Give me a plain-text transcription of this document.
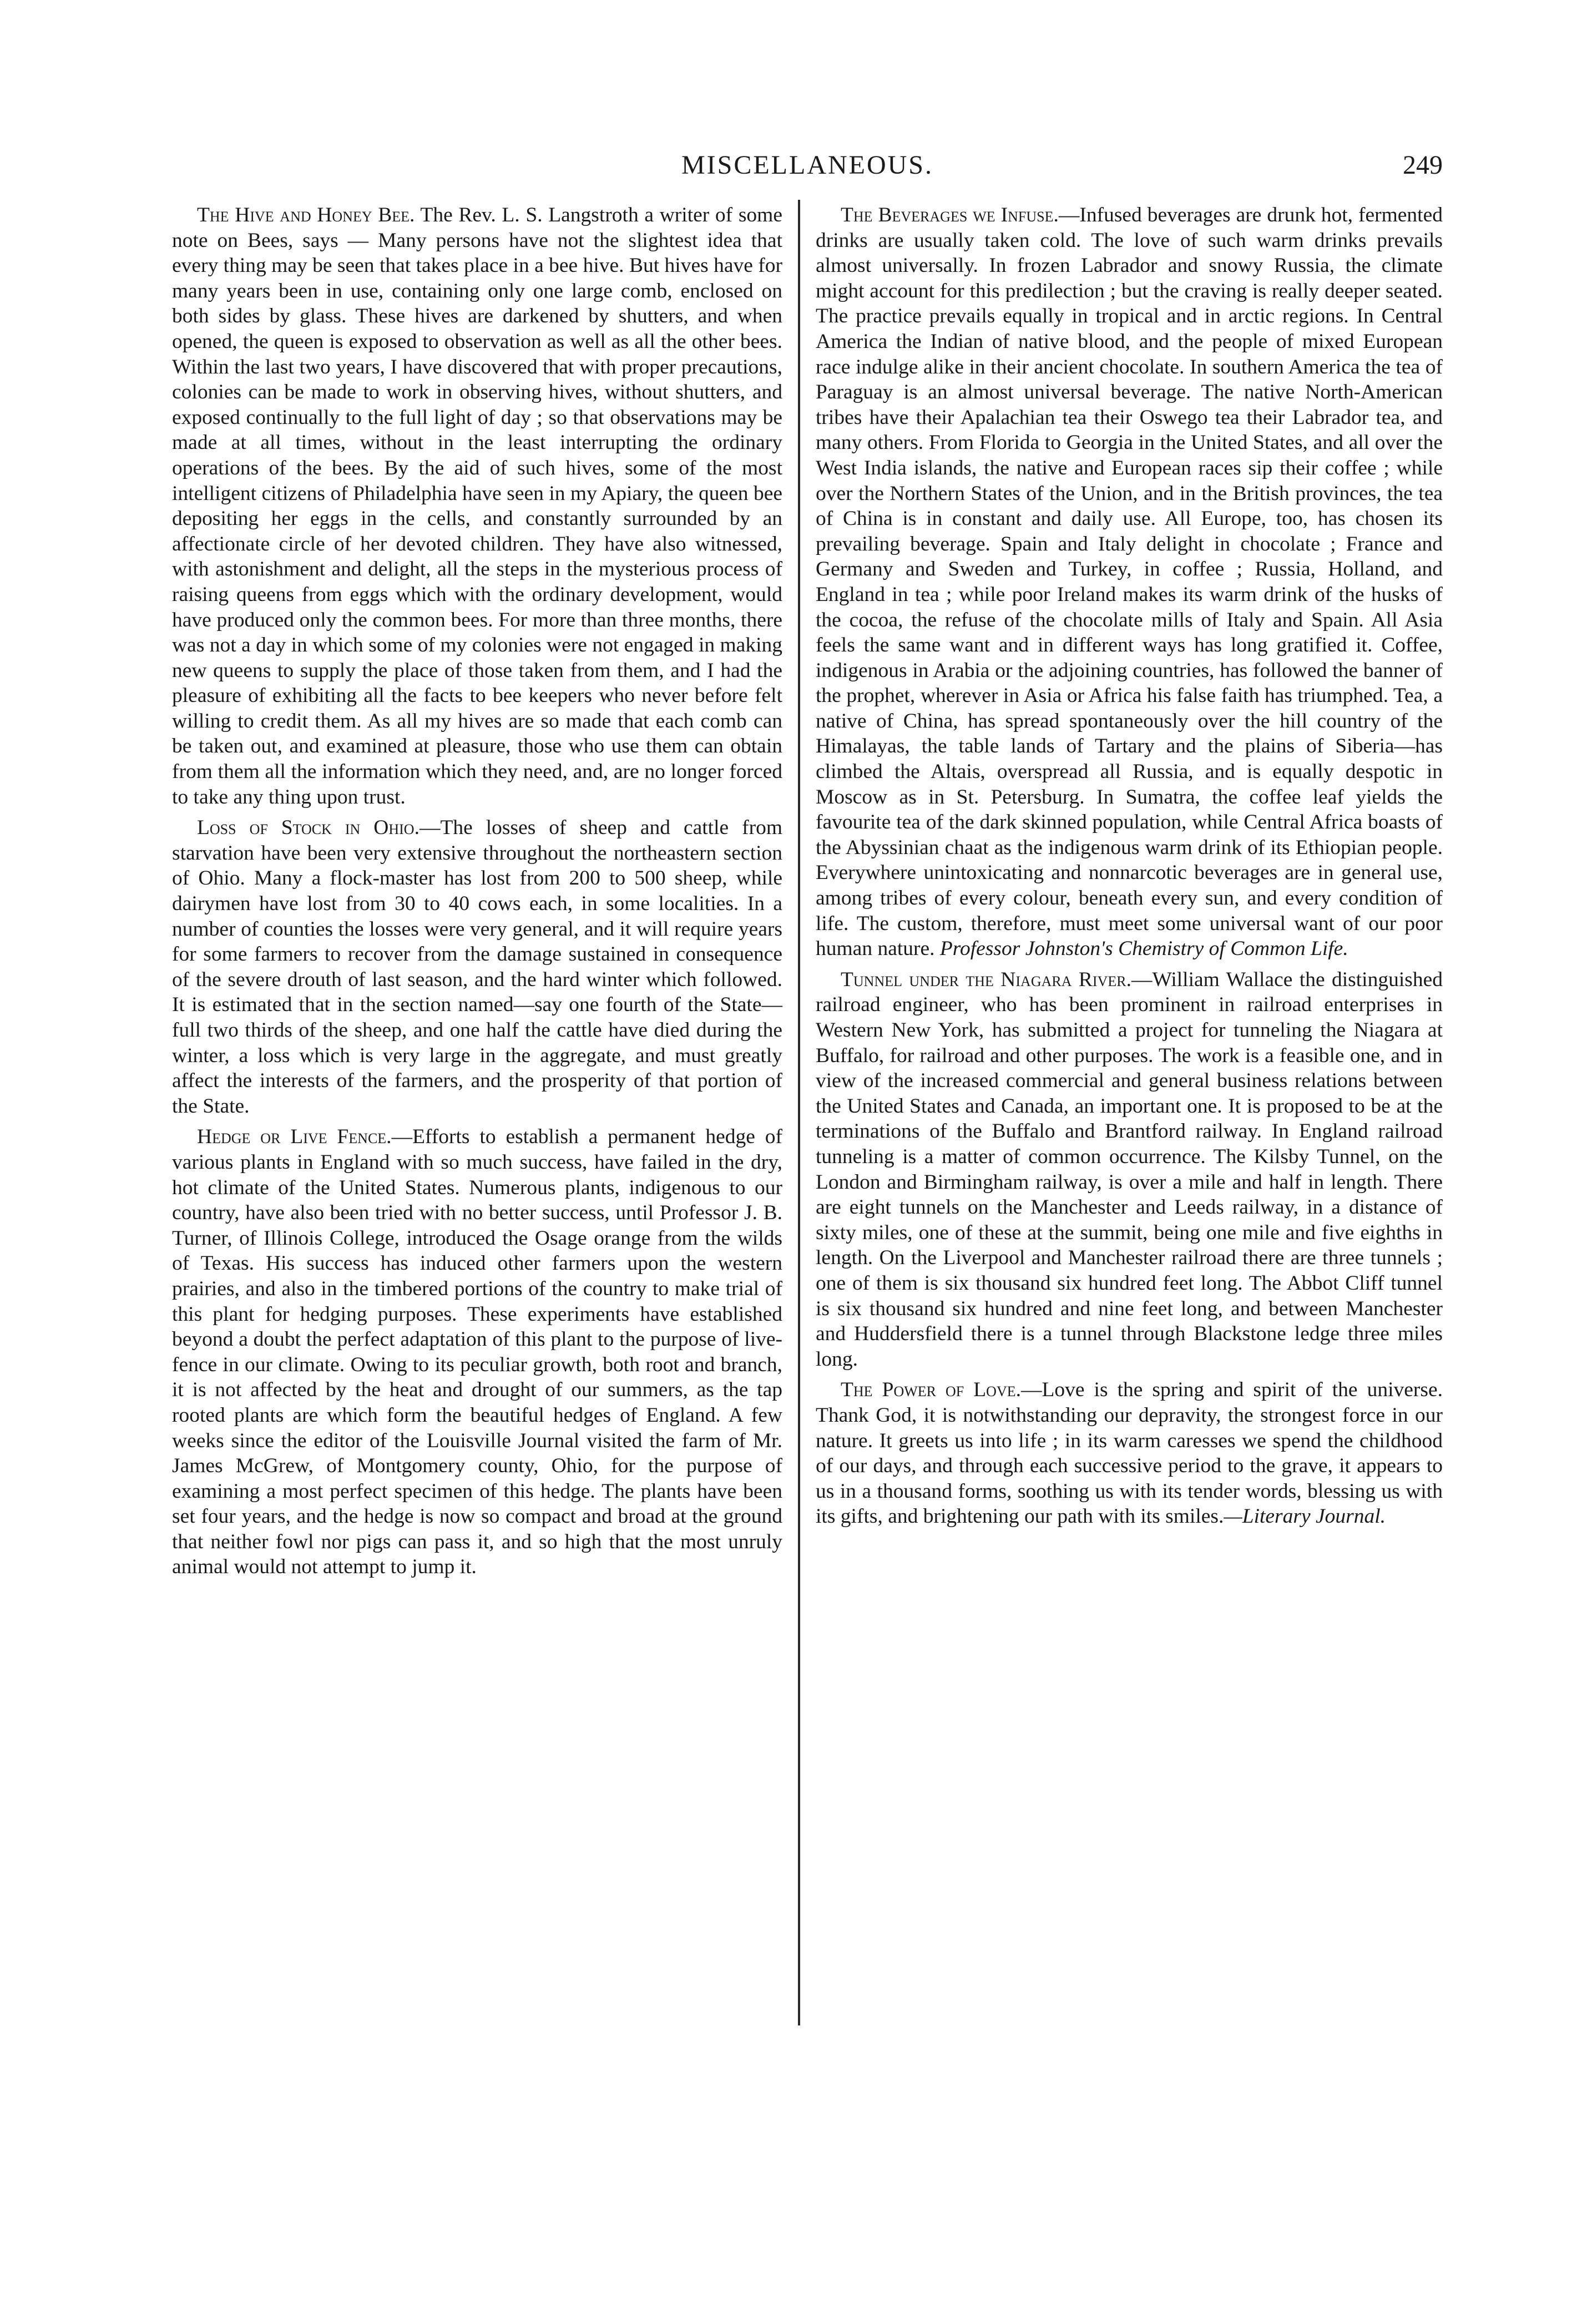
MISCELLANEOUS.	249

The Hive and Honey Bee. The Rev. L. S. Langstroth a writer of some note on Bees, says — Many persons have not the slightest idea that every thing may be seen that takes place in a bee hive. But hives have for many years been in use, containing only one large comb, enclosed on both sides by glass. These hives are darkened by shutters, and when opened, the queen is exposed to observation as well as all the other bees. Within the last two years, I have discovered that with proper precautions, colonies can be made to work in observing hives, without shutters, and exposed continually to the full light of day ; so that observations may be made at all times, without in the least interrupting the ordinary operations of the bees. By the aid of such hives, some of the most intelligent citizens of Philadelphia have seen in my Apiary, the queen bee depositing her eggs in the cells, and constantly surrounded by an affectionate circle of her devoted children. They have also witnessed, with astonishment and delight, all the steps in the mysterious process of raising queens from eggs which with the ordinary development, would have produced only the common bees. For more than three months, there was not a day in which some of my colonies were not engaged in making new queens to supply the place of those taken from them, and I had the pleasure of exhibiting all the facts to bee keepers who never before felt willing to credit them. As all my hives are so made that each comb can be taken out, and examined at pleasure, those who use them can obtain from them all the information which they need, and, are no longer forced to take any thing upon trust.

Loss of Stock in Ohio.—The losses of sheep and cattle from starvation have been very extensive throughout the northeastern section of Ohio. Many a flock-master has lost from 200 to 500 sheep, while dairymen have lost from 30 to 40 cows each, in some localities. In a number of counties the losses were very general, and it will require years for some farmers to recover from the damage sustained in consequence of the severe drouth of last season, and the hard winter which followed. It is estimated that in the section named—say one fourth of the State—full two thirds of the sheep, and one half the cattle have died during the winter, a loss which is very large in the aggregate, and must greatly affect the interests of the farmers, and the prosperity of that portion of the State.

Hedge or Live Fence.—Efforts to establish a permanent hedge of various plants in England with so much success, have failed in the dry, hot climate of the United States. Numerous plants, indigenous to our country, have also been tried with no better success, until Professor J. B. Turner, of Illinois College, introduced the Osage orange from the wilds of Texas. His success has induced other farmers upon the western prairies, and also in the timbered portions of the country to make trial of this plant for hedging purposes. These experiments have established beyond a doubt the perfect adaptation of this plant to the purpose of live-fence in our climate. Owing to its peculiar growth, both root and branch, it is not affected by the heat and drought of our summers, as the tap rooted plants are which form the beautiful hedges of England. A few weeks since the editor of the Louisville Journal visited the farm of Mr. James McGrew, of Montgomery county, Ohio, for the purpose of examining a most perfect specimen of this hedge. The plants have been set four years, and the hedge is now so compact and broad at the ground that neither fowl nor pigs can pass it, and so high that the most unruly animal would not attempt to jump it.

The Beverages we Infuse.—Infused beverages are drunk hot, fermented drinks are usually taken cold. The love of such warm drinks prevails almost universally. In frozen Labrador and snowy Russia, the climate might account for this predilection ; but the craving is really deeper seated. The practice prevails equally in tropical and in arctic regions. In Central America the Indian of native blood, and the people of mixed European race indulge alike in their ancient chocolate. In southern America the tea of Paraguay is an almost universal beverage. The native North-American tribes have their Apalachian tea their Oswego tea their Labrador tea, and many others. From Florida to Georgia in the United States, and all over the West India islands, the native and European races sip their coffee ; while over the Northern States of the Union, and in the British provinces, the tea of China is in constant and daily use. All Europe, too, has chosen its prevailing beverage. Spain and Italy delight in chocolate ; France and Germany and Sweden and Turkey, in coffee ; Russia, Holland, and England in tea ; while poor Ireland makes its warm drink of the husks of the cocoa, the refuse of the chocolate mills of Italy and Spain. All Asia feels the same want and in different ways has long gratified it. Coffee, indigenous in Arabia or the adjoining countries, has followed the banner of the prophet, wherever in Asia or Africa his false faith has triumphed. Tea, a native of China, has spread spontaneously over the hill country of the Himalayas, the table lands of Tartary and the plains of Siberia—has climbed the Altais, overspread all Russia, and is equally despotic in Moscow as in St. Petersburg. In Sumatra, the coffee leaf yields the favourite tea of the dark skinned population, while Central Africa boasts of the Abyssinian chaat as the indigenous warm drink of its Ethiopian people. Everywhere unintoxicating and nonnarcotic beverages are in general use, among tribes of every colour, beneath every sun, and every condition of life. The custom, therefore, must meet some universal want of our poor human nature. Professor Johnston's Chemistry of Common Life.

Tunnel under the Niagara River.—William Wallace the distinguished railroad engineer, who has been prominent in railroad enterprises in Western New York, has submitted a project for tunneling the Niagara at Buffalo, for railroad and other purposes. The work is a feasible one, and in view of the increased commercial and general business relations between the United States and Canada, an important one. It is proposed to be at the terminations of the Buffalo and Brantford railway. In England railroad tunneling is a matter of common occurrence. The Kilsby Tunnel, on the London and Birmingham railway, is over a mile and half in length. There are eight tunnels on the Manchester and Leeds railway, in a distance of sixty miles, one of these at the summit, being one mile and five eighths in length. On the Liverpool and Manchester railroad there are three tunnels ; one of them is six thousand six hundred feet long. The Abbot Cliff tunnel is six thousand six hundred and nine feet long, and between Manchester and Huddersfield there is a tunnel through Blackstone ledge three miles long.

The Power of Love.—Love is the spring and spirit of the universe. Thank God, it is notwithstanding our depravity, the strongest force in our nature. It greets us into life ; in its warm caresses we spend the childhood of our days, and through each successive period to the grave, it appears to us in a thousand forms, soothing us with its tender words, blessing us with its gifts, and brightening our path with its smiles.—Literary Journal.
